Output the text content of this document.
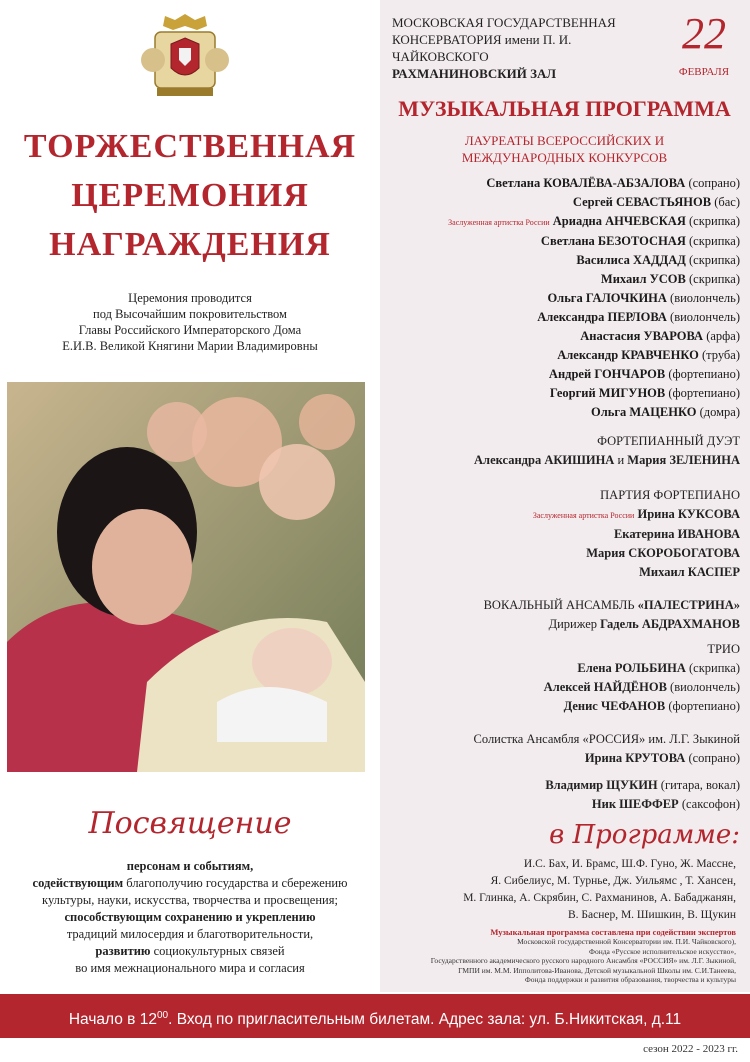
ТОРЖЕСТВЕННАЯ
ЦЕРЕМОНИЯ
НАГРАЖДЕНИЯ
Церемония проводится
под Высочайшим покровительством
Главы Российского Императорского Дома
Е.И.В. Великой Княгини Марии Владимировны
Посвящение
персонам и событиям,
содействующим благополучию государства и сбережению
культуры, науки, искусства, творчества и просвещения;
способствующим сохранению и укреплению
традиций милосердия и благотворительности,
развитию социокультурных связей
во имя межнационального мира и согласия
МОСКОВСКАЯ ГОСУДАРСТВЕННАЯ
КОНСЕРВАТОРИЯ имени П. И. ЧАЙКОВСКОГО
РАХМАНИНОВСКИЙ ЗАЛ
22
ФЕВРАЛЯ
МУЗЫКАЛЬНАЯ ПРОГРАММА
ЛАУРЕАТЫ ВСЕРОССИЙСКИХ И
МЕЖДУНАРОДНЫХ КОНКУРСОВ
Светлана КОВАЛЁВА-АБЗАЛОВА (сопрано)
Сергей СЕВАСТЬЯНОВ (бас)
Заслуженная артистка России Ариадна АНЧЕВСКАЯ (скрипка)
Светлана БЕЗОТОСНАЯ (скрипка)
Василиса ХАДДАД (скрипка)
Михаил УСОВ (скрипка)
Ольга ГАЛОЧКИНА (виолончель)
Александра ПЕРЛОВА (виолончель)
Анастасия УВАРОВА (арфа)
Александр КРАВЧЕНКО (труба)
Андрей ГОНЧАРОВ (фортепиано)
Георгий МИГУНОВ (фортепиано)
Ольга МАЦЕНКО (домра)
ФОРТЕПИАННЫЙ ДУЭТ
Александра АКИШИНА и Мария ЗЕЛЕНИНА
ПАРТИЯ ФОРТЕПИАНО
Заслуженная артистка России Ирина КУКСОВА
Екатерина ИВАНОВА
Мария СКОРОБОГАТОВА
Михаил КАСПЕР
ВОКАЛЬНЫЙ АНСАМБЛЬ «ПАЛЕСТРИНА»
Дирижер Гадель АБДРАХМАНОВ
ТРИО
Елена РОЛЬБИНА (скрипка)
Алексей НАЙДЁНОВ (виолончель)
Денис ЧЕФАНОВ (фортепиано)
Солистка Ансамбля «РОССИЯ» им. Л.Г. Зыкиной
Ирина КРУТОВА (сопрано)
Владимир ЩУКИН (гитара, вокал)
Ник ШЕФФЕР (саксофон)
в Программе:
И.С. Бах, И. Брамс, Ш.Ф. Гуно, Ж. Массне,
Я. Сибелиус, М. Турнье, Дж. Уильямс , Т. Хансен,
М. Глинка, А. Скрябин, С. Рахманинов, А. Бабаджанян,
В. Баснер, М. Шишкин, В. Щукин
Музыкальная программа составлена при содействии экспертов
Московской государственной Консерватории им. П.И. Чайковского),
Фонда «Русское исполнительское искусство»,
Государственного академического русского народного Ансамбля «РОССИЯ» им. Л.Г. Зыкиной,
ГМПИ им. М.М. Ипполитова-Иванова, Детской музыкальной Школы им. С.И.Танеева,
Фонда поддержки и развития образования, творчества и культуры
Начало в $12^{00}$. Вход по пригласительным билетам. Адрес зала: ул. Б.Никитская, д.11
сезон 2022 - 2023 гг.
